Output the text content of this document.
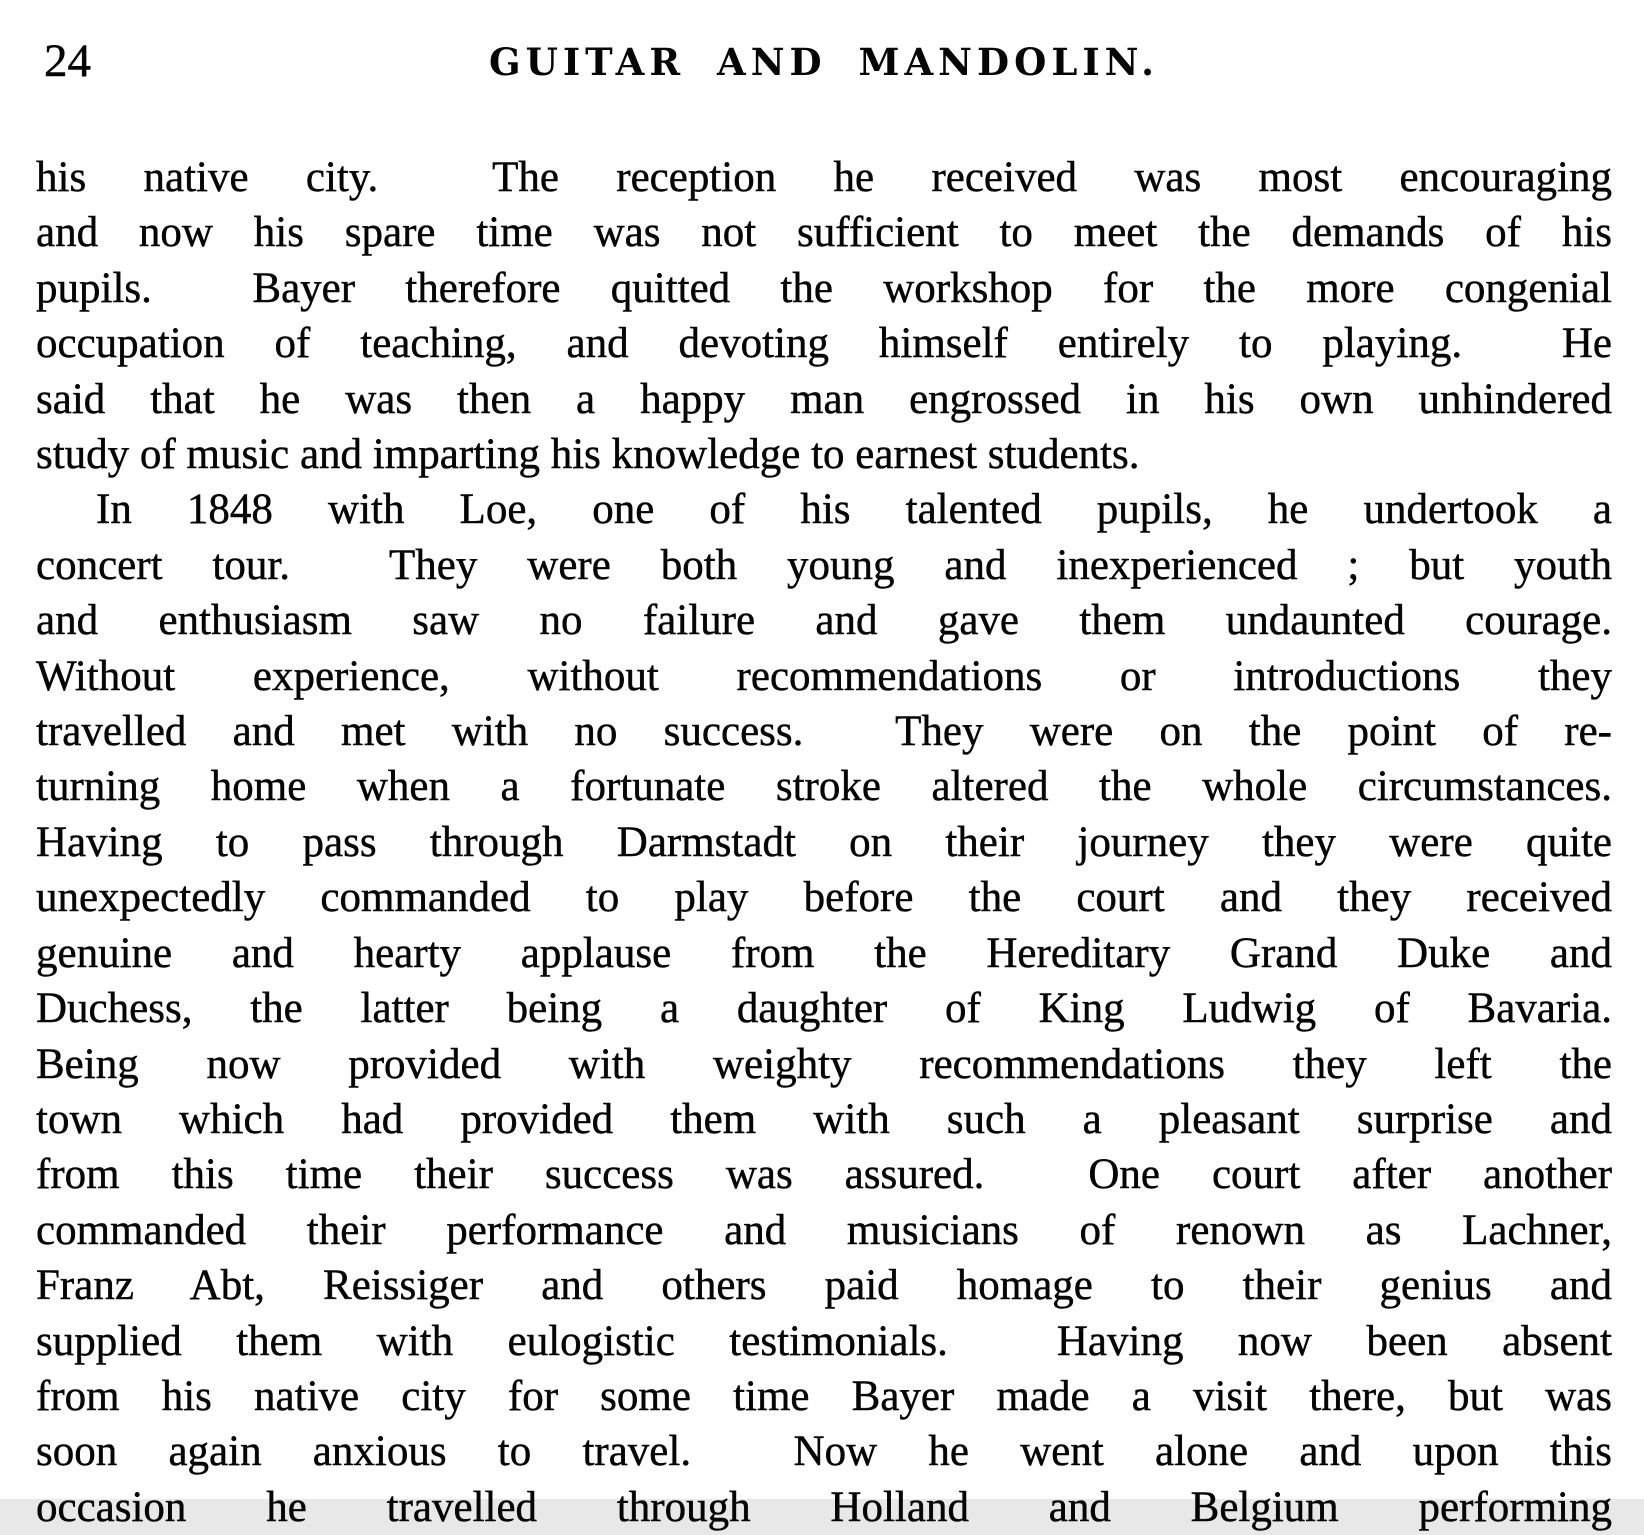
24	GUITAR AND MANDOLIN.

his native city.  The reception he received was most encouraging
and now his spare time was not sufficient to meet the demands of his
pupils.  Bayer therefore quitted the workshop for the more congenial
occupation of teaching, and devoting himself entirely to playing.  He
said that he was then a happy man engrossed in his own unhindered
study of music and imparting his knowledge to earnest students.

In 1848 with Loe, one of his talented pupils, he undertook a
concert tour.  They were both young and inexperienced ; but youth
and enthusiasm saw no failure and gave them undaunted courage.
Without experience, without recommendations or introductions they
travelled and met with no success.  They were on the point of re-
turning home when a fortunate stroke altered the whole circumstances.
Having to pass through Darmstadt on their journey they were quite
unexpectedly commanded to play before the court and they received
genuine and hearty applause from the Hereditary Grand Duke and
Duchess, the latter being a daughter of King Ludwig of Bavaria.
Being now provided with weighty recommendations they left the
town which had provided them with such a pleasant surprise and
from this time their success was assured.  One court after another
commanded their performance and musicians of renown as Lachner,
Franz Abt, Reissiger and others paid homage to their genius and
supplied them with eulogistic testimonials.  Having now been absent
from his native city for some time Bayer made a visit there, but was
soon again anxious to travel.  Now he went alone and upon this
occasion he travelled through Holland and Belgium performing
